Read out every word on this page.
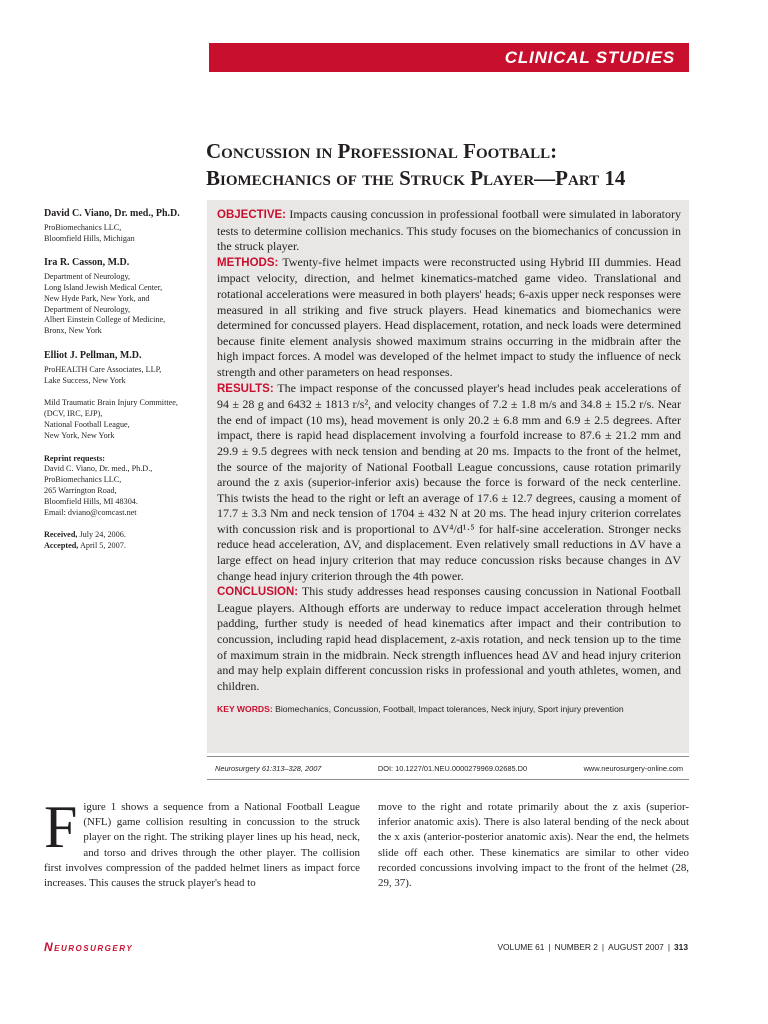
CLINICAL STUDIES
Concussion in Professional Football:
Biomechanics of the Struck Player—Part 14
David C. Viano, Dr. med., Ph.D.
ProBiomechanics LLC,
Bloomfield Hills, Michigan
Ira R. Casson, M.D.
Department of Neurology,
Long Island Jewish Medical Center,
New Hyde Park, New York, and
Department of Neurology,
Albert Einstein College of Medicine,
Bronx, New York
Elliot J. Pellman, M.D.
ProHEALTH Care Associates, LLP,
Lake Success, New York
Mild Traumatic Brain Injury Committee,
(DCV, IRC, EJP),
National Football League,
New York, New York
Reprint requests:
David C. Viano, Dr. med., Ph.D.,
ProBiomechanics LLC,
265 Warrington Road,
Bloomfield Hills, MI 48304.
Email: dviano@comcast.net
Received, July 24, 2006.
Accepted, April 5, 2007.

OBJECTIVE: Impacts causing concussion in professional football were simulated in laboratory tests to determine collision mechanics. This study focuses on the biomechanics of concussion in the struck player.

METHODS: Twenty-five helmet impacts were reconstructed using Hybrid III dummies. Head impact velocity, direction, and helmet kinematics-matched game video. Translational and rotational accelerations were measured in both players' heads; 6-axis upper neck responses were measured in all striking and five struck players. Head kinematics and biomechanics were determined for concussed players. Head displacement, rotation, and neck loads were determined because finite element analysis showed maximum strains occurring in the midbrain after the high impact forces. A model was developed of the helmet impact to study the influence of neck strength and other parameters on head responses.

RESULTS: The impact response of the concussed player's head includes peak accelerations of 94 ± 28 g and 6432 ± 1813 r/s², and velocity changes of 7.2 ± 1.8 m/s and 34.8 ± 15.2 r/s. Near the end of impact (10 ms), head movement is only 20.2 ± 6.8 mm and 6.9 ± 2.5 degrees. After impact, there is rapid head displacement involving a fourfold increase to 87.6 ± 21.2 mm and 29.9 ± 9.5 degrees with neck tension and bending at 20 ms. Impacts to the front of the helmet, the source of the majority of National Football League concussions, cause rotation primarily around the z axis (superior-inferior axis) because the force is forward of the neck centerline. This twists the head to the right or left an average of 17.6 ± 12.7 degrees, causing a moment of 17.7 ± 3.3 Nm and neck tension of 1704 ± 432 N at 20 ms. The head injury criterion correlates with concussion risk and is proportional to ΔV⁴/d¹·⁵ for half-sine acceleration. Stronger necks reduce head acceleration, ΔV, and displacement. Even relatively small reductions in ΔV have a large effect on head injury criterion that may reduce concussion risks because changes in ΔV change head injury criterion through the 4th power.

CONCLUSION: This study addresses head responses causing concussion in National Football League players. Although efforts are underway to reduce impact acceleration through helmet padding, further study is needed of head kinematics after impact and their contribution to concussion, including rapid head displacement, z-axis rotation, and neck tension up to the time of maximum strain in the midbrain. Neck strength influences head ΔV and head injury criterion and may help explain different concussion risks in professional and youth athletes, women, and children.

KEY WORDS: Biomechanics, Concussion, Football, Impact tolerances, Neck injury, Sport injury prevention
Neurosurgery 61:313–328, 2007	DOI: 10.1227/01.NEU.0000279969.02685.D0	www.neurosurgery-online.com
Figure 1 shows a sequence from a National Football League (NFL) game collision resulting in concussion to the struck player on the right. The striking player lines up his head, neck, and torso and drives through the other player. The collision first involves compression of the padded helmet liners as impact force increases. This causes the struck player's head to
move to the right and rotate primarily about the z axis (superior-inferior anatomic axis). There is also lateral bending of the neck about the x axis (anterior-posterior anatomic axis). Near the end, the helmets slide off each other. These kinematics are similar to other video recorded concussions involving impact to the front of the helmet (28, 29, 37).
Neurosurgery	VOLUME 61 | NUMBER 2 | AUGUST 2007 | 313
